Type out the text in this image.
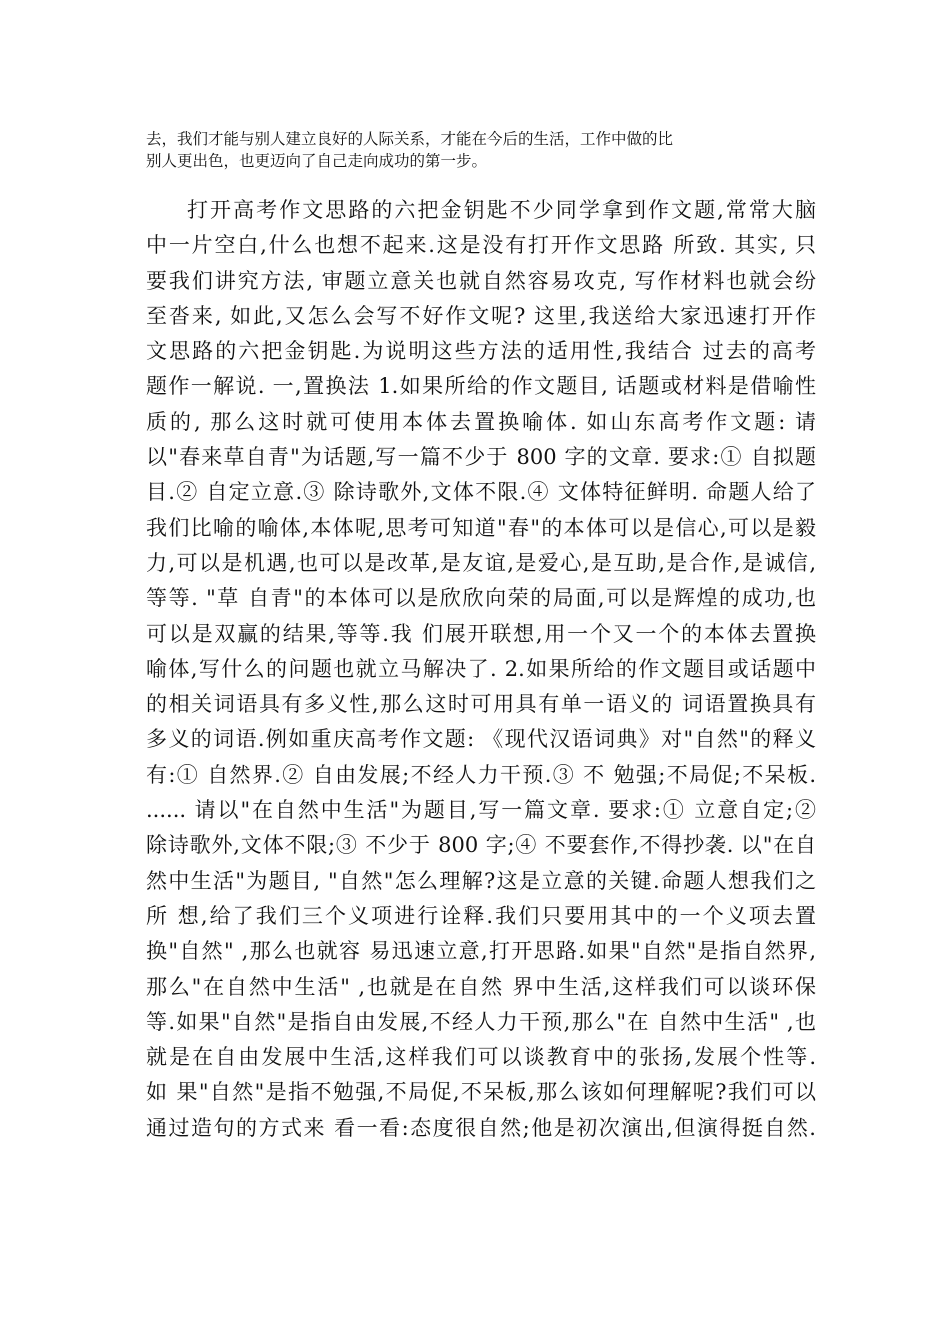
去，我们才能与别人建立良好的人际关系，才能在今后的生活，工作中做的比
别人更出色，也更迈向了自己走向成功的第一步。
打开高考作文思路的六把金钥匙不少同学拿到作文题,常常大脑
中一片空白,什么也想不起来.这是没有打开作文思路 所致. 其实, 只
要我们讲究方法, 审题立意关也就自然容易攻克, 写作材料也就会纷
至沓来, 如此,又怎么会写不好作文呢? 这里,我送给大家迅速打开作
文思路的六把金钥匙.为说明这些方法的适用性,我结合 过去的高考
题作一解说. 一,置换法 1.如果所给的作文题目, 话题或材料是借喻性
质的, 那么这时就可使用本体去置换喻体. 如山东高考作文题: 请
以"春来草自青"为话题,写一篇不少于 800 字的文章. 要求:① 自拟题
目.② 自定立意.③ 除诗歌外,文体不限.④ 文体特征鲜明. 命题人给了
我们比喻的喻体,本体呢,思考可知道"春"的本体可以是信心,可以是毅
力,可以是机遇,也可以是改革,是友谊,是爱心,是互助,是合作,是诚信,
等等. "草 自青"的本体可以是欣欣向荣的局面,可以是辉煌的成功,也
可以是双赢的结果,等等.我 们展开联想,用一个又一个的本体去置换
喻体,写什么的问题也就立马解决了. 2.如果所给的作文题目或话题中
的相关词语具有多义性,那么这时可用具有单一语义的 词语置换具有
多义的词语.例如重庆高考作文题: 《现代汉语词典》对"自然"的释义
有:① 自然界.② 自由发展;不经人力干预.③ 不 勉强;不局促;不呆板.
...... 请以"在自然中生活"为题目,写一篇文章. 要求:① 立意自定;②
除诗歌外,文体不限;③ 不少于 800 字;④ 不要套作,不得抄袭. 以"在自
然中生活"为题目, "自然"怎么理解?这是立意的关键.命题人想我们之
所 想,给了我们三个义项进行诠释.我们只要用其中的一个义项去置
换"自然" ,那么也就容 易迅速立意,打开思路.如果"自然"是指自然界,
那么"在自然中生活" ,也就是在自然 界中生活,这样我们可以谈环保
等.如果"自然"是指自由发展,不经人力干预,那么"在 自然中生活" ,也
就是在自由发展中生活,这样我们可以谈教育中的张扬,发展个性等.
如 果"自然"是指不勉强,不局促,不呆板,那么该如何理解呢?我们可以
通过造句的方式来 看一看:态度很自然;他是初次演出,但演得挺自然.
